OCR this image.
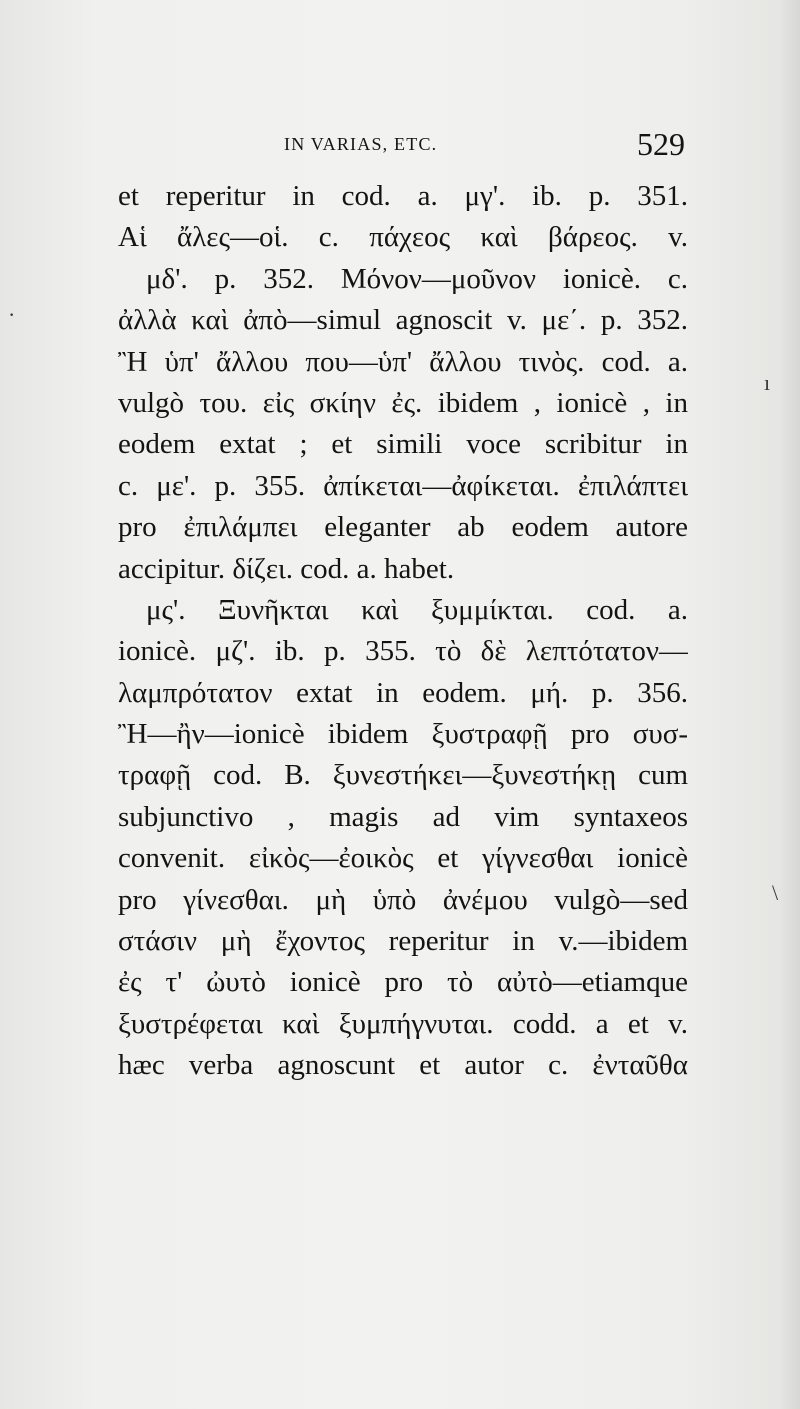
·
ı
\
IN VARIAS, ETC.	529
et reperitur in cod. a. μγ'. ib. p. 351.
Αἱ ἄλες—οἱ. c. πάχεος καὶ βάρεος. v.
μδ'. p. 352. Μόνον—μοῦνον ionicè. c.
ἀλλὰ καὶ ἀπὸ—simul agnoscit v. με΄. p. 352.
Ἢ ὑπ' ἄλλου που—ὑπ' ἄλλου τινὸς. cod. a.
vulgò του. εἰς σκίην ἐς. ibidem , ionicè , in
eodem extat ; et simili voce scribitur in
c. με'. p. 355. ἀπίκεται—ἀφίκεται. ἐπιλάπτει
pro ἐπιλάμπει eleganter ab eodem autore
accipitur. δίζει. cod. a. habet.
μς'. Ξυνῆκται καὶ ξυμμίκται. cod. a.
ionicè. μζ'. ib. p. 355. τὸ δὲ λεπτότατον—
λαμπρότατον extat in eodem. μή. p. 356.
Ἢ—ἢν—ionicè ibidem ξυστραφῇ pro συσ-
τραφῇ cod. B. ξυνεστήκει—ξυνεστήκῃ cum
subjunctivo , magis ad vim syntaxeos
convenit. εἰκὸς—ἐοικὸς et γίγνεσθαι ionicè
pro γίνεσθαι. μὴ ὑπὸ ἀνέμου vulgò—sed
στάσιν μὴ ἔχοντος reperitur in v.—ibidem
ἐς τ' ὠυτὸ ionicè pro τὸ αὐτὸ—etiamque
ξυστρέφεται καὶ ξυμπήγνυται. codd. a et v.
hæc verba agnoscunt et autor c. ἐνταῦθα
